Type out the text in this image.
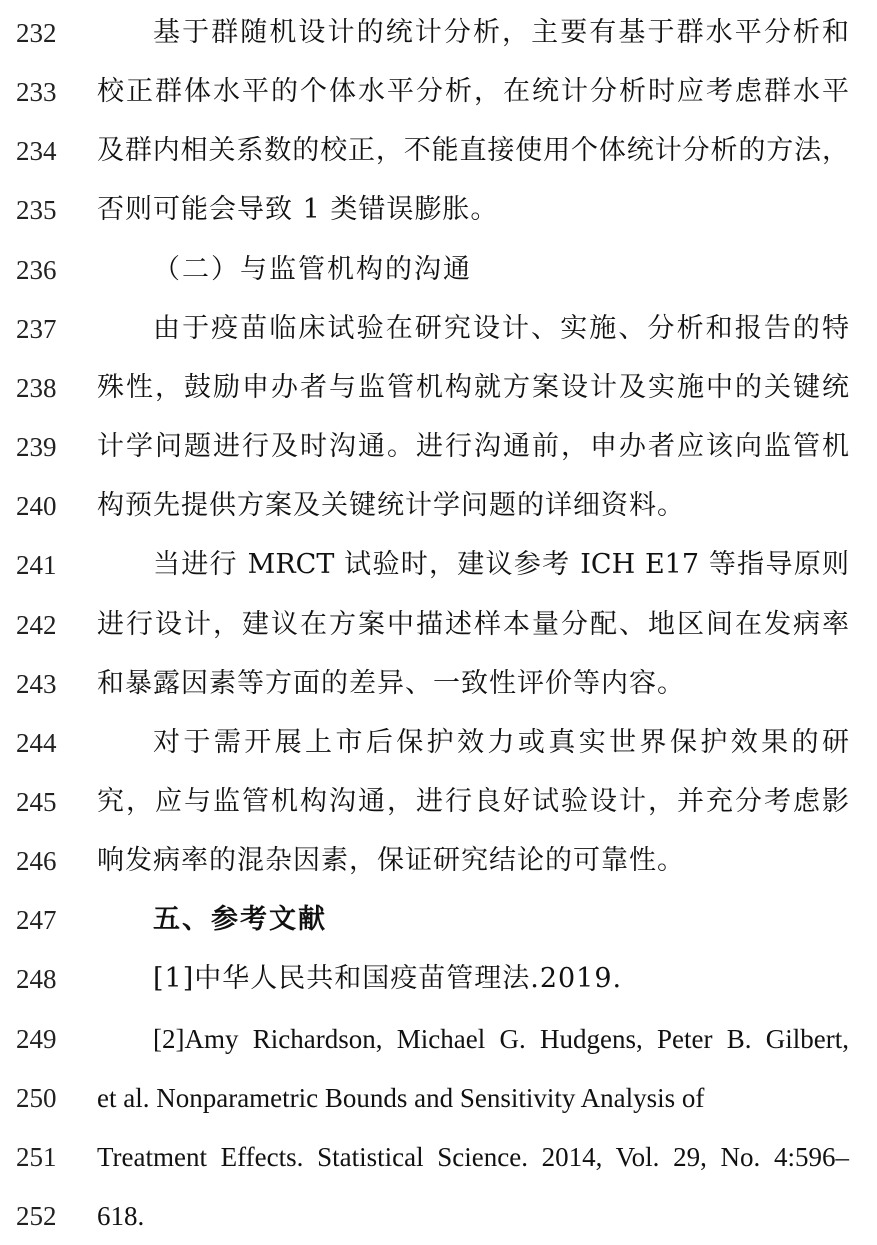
232	基于群随机设计的统计分析，主要有基于群水平分析和
233 校正群体水平的个体水平分析，在统计分析时应考虑群水平
234 及群内相关系数的校正，不能直接使用个体统计分析的方法，
235 否则可能会导致 1 类错误膨胀。
236	（二）与监管机构的沟通
237	由于疫苗临床试验在研究设计、实施、分析和报告的特
238 殊性，鼓励申办者与监管机构就方案设计及实施中的关键统
239 计学问题进行及时沟通。进行沟通前，申办者应该向监管机
240 构预先提供方案及关键统计学问题的详细资料。
241	当进行 MRCT 试验时，建议参考 ICH E17 等指导原则
242 进行设计，建议在方案中描述样本量分配、地区间在发病率
243 和暴露因素等方面的差异、一致性评价等内容。
244	对于需开展上市后保护效力或真实世界保护效果的研
245 究，应与监管机构沟通，进行良好试验设计，并充分考虑影
246 响发病率的混杂因素，保证研究结论的可靠性。
247	五、参考文献
248	[1]中华人民共和国疫苗管理法.2019.
249	[2]Amy Richardson, Michael G. Hudgens, Peter B. Gilbert,
250 et al. Nonparametric Bounds and Sensitivity Analysis of
251 Treatment Effects. Statistical Science. 2014, Vol. 29, No. 4:596–
252 618.
